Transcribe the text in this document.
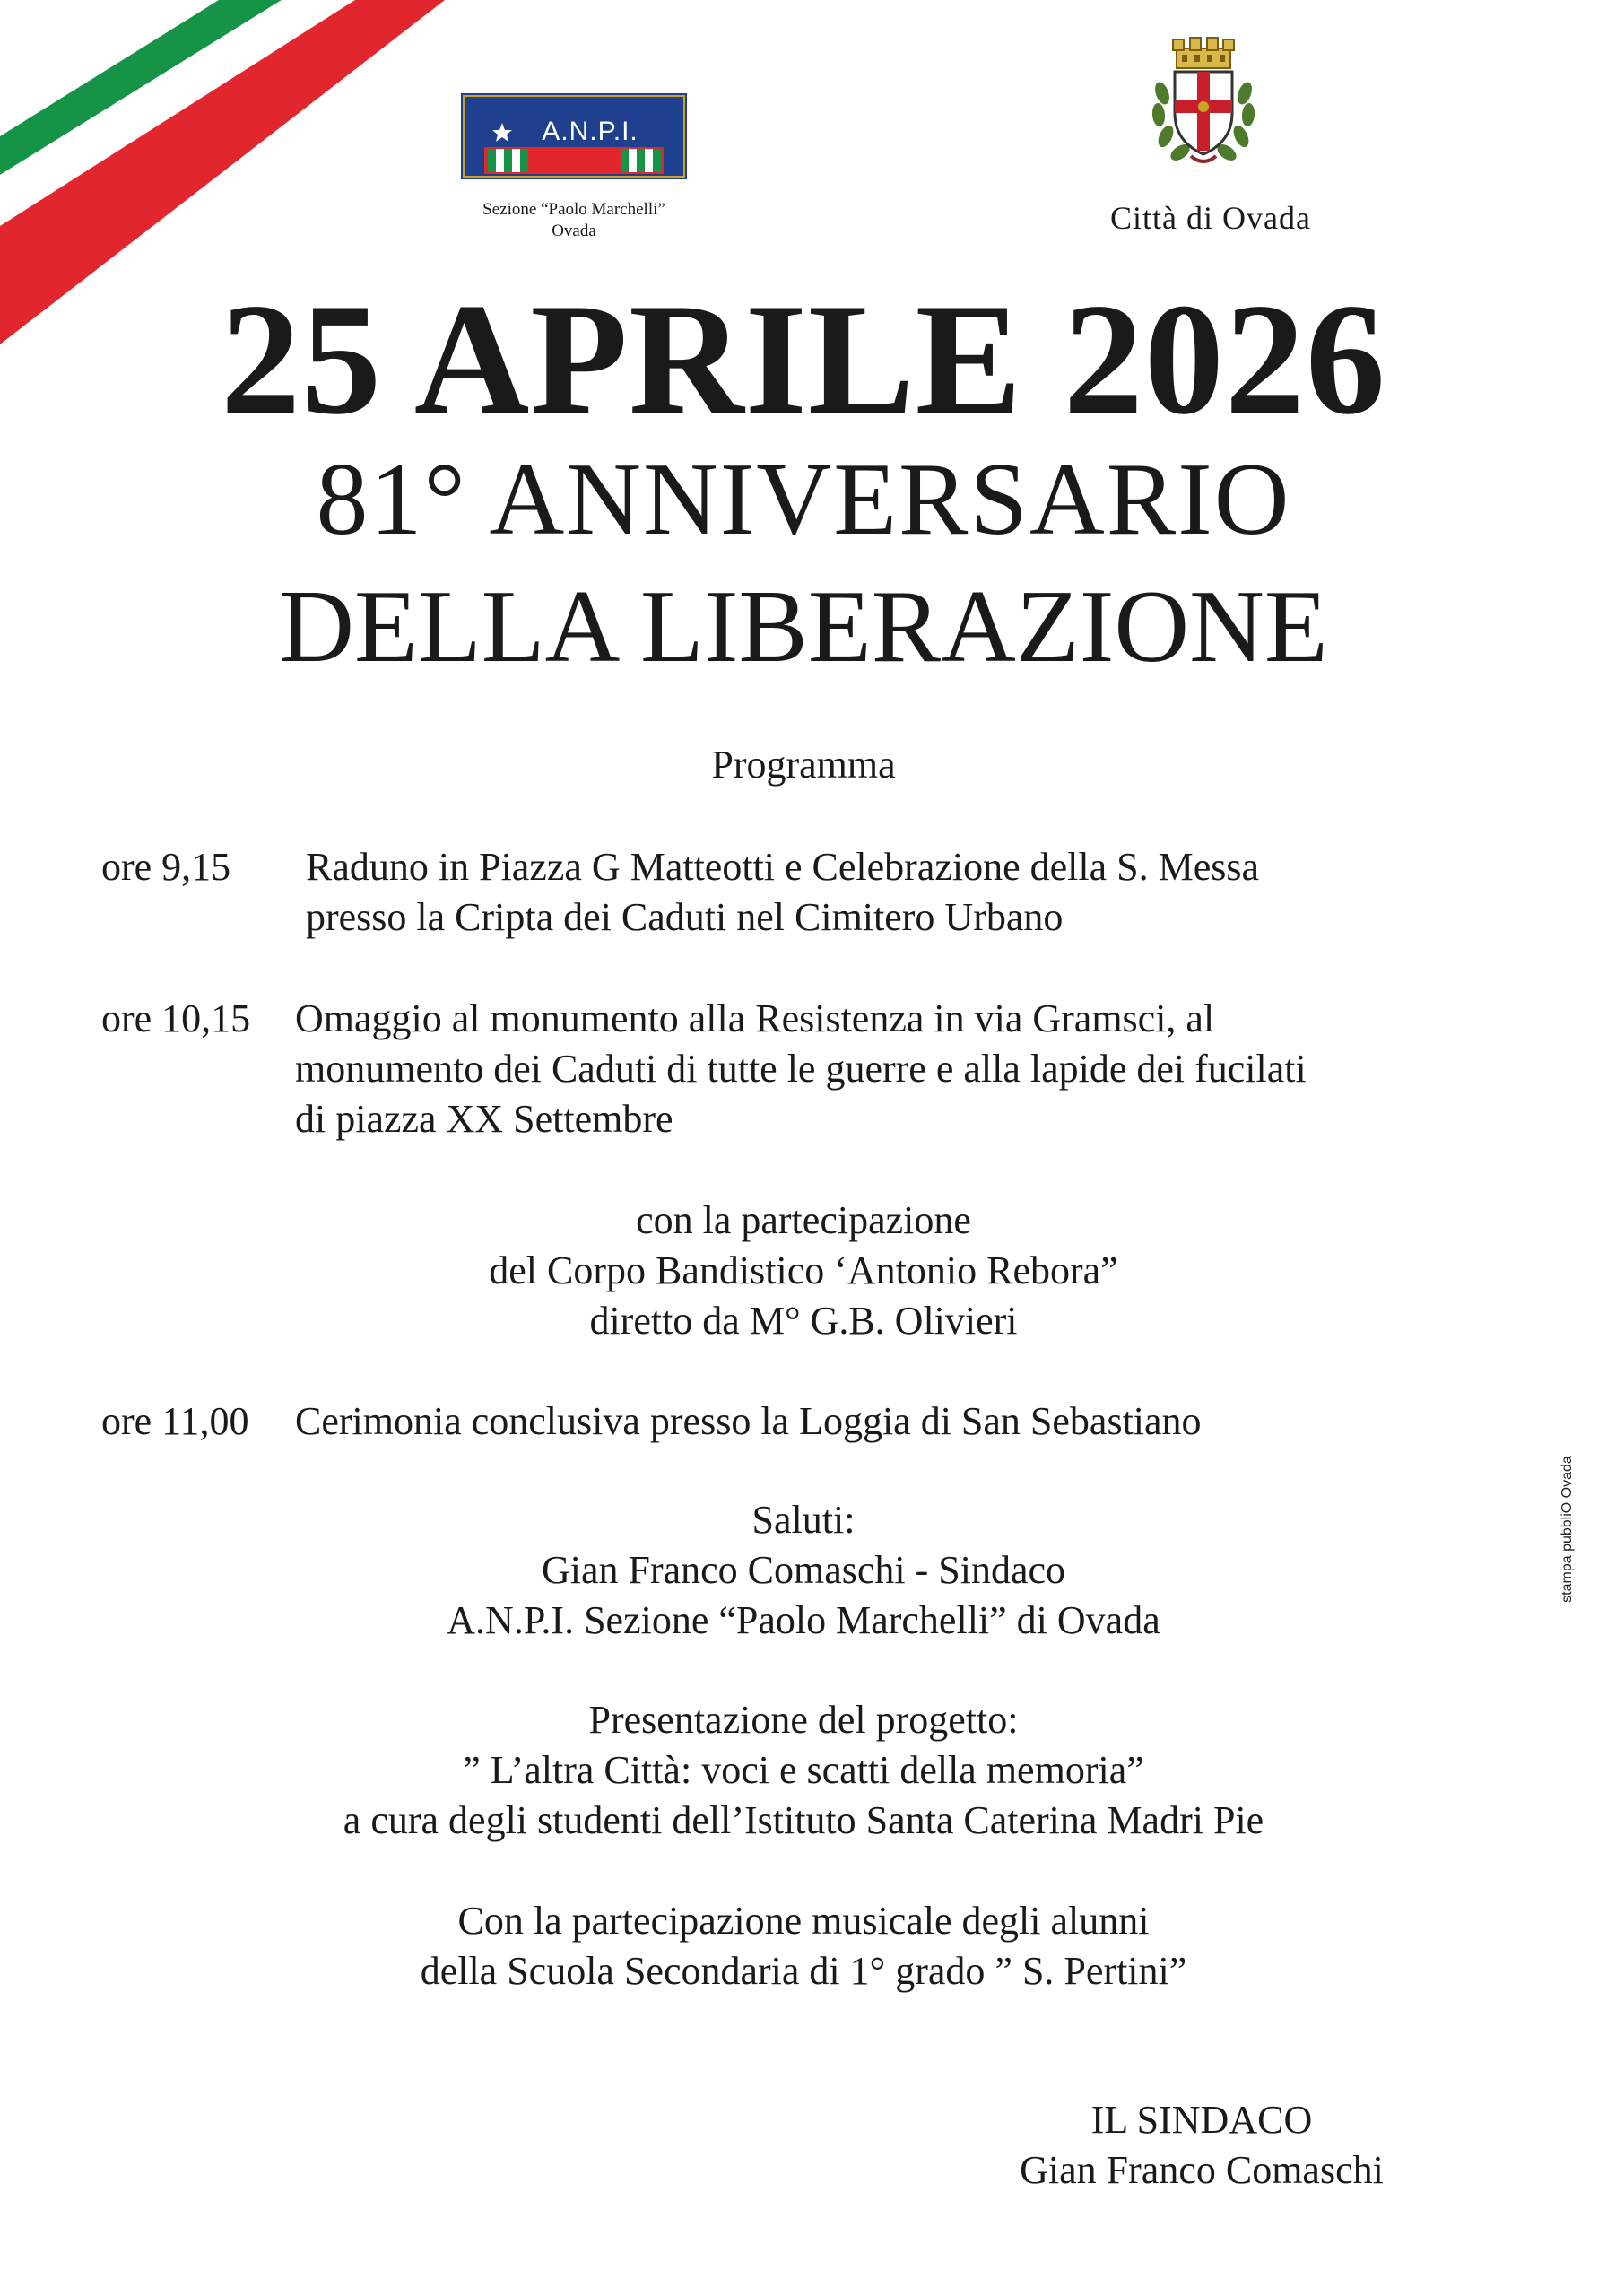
A.N.P.I.
Sezione “Paolo Marchelli”
Ovada	Città di Ovada
25 APRILE 2026
81° ANNIVERSARIO
DELLA LIBERAZIONE
Programma
ore 9,15 Raduno in Piazza G Matteotti e Celebrazione della S. Messa
presso la Cripta dei Caduti nel Cimitero Urbano
ore 10,15 Omaggio al monumento alla Resistenza in via Gramsci, al
monumento dei Caduti di tutte le guerre e alla lapide dei fucilati
di piazza XX Settembre
con la partecipazione
del Corpo Bandistico ‘Antonio Rebora”
diretto da M° G.B. Olivieri
ore 11,00 Cerimonia conclusiva presso la Loggia di San Sebastiano
Saluti:
Gian Franco Comaschi - Sindaco
A.N.P.I. Sezione “Paolo Marchelli” di Ovada
Presentazione del progetto:
” L’altra Città: voci e scatti della memoria”
a cura degli studenti dell’Istituto Santa Caterina Madri Pie
Con la partecipazione musicale degli alunni
della Scuola Secondaria di 1° grado ” S. Pertini”
IL SINDACO
Gian Franco Comaschi
stampa pubbliO Ovada
